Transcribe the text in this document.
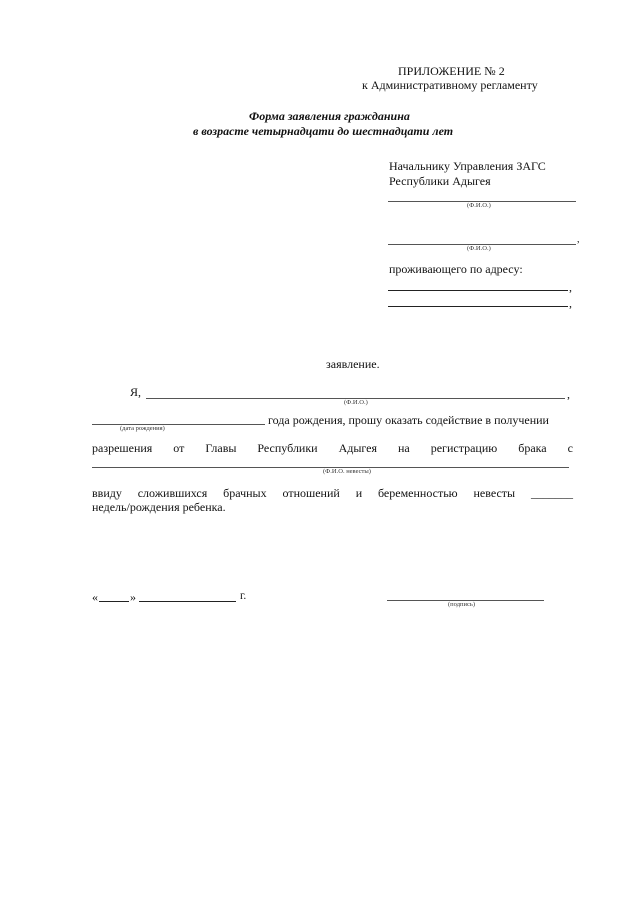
ПРИЛОЖЕНИЕ № 2
к Административному регламенту
Форма заявления гражданина
в возрасте четырнадцати до шестнадцати лет
Начальнику Управления ЗАГС
Республики Адыгея
(Ф.И.О.)
,
(Ф.И.О.)
проживающего по адресу:
,
,
заявление.
Я,	,
(Ф.И.О.)
года рождения, прошу оказать содействие в получении
(дата рождения)
разрешения от Главы Республики Адыгея на регистрацию брака с
(Ф.И.О. невесты)
ввиду сложившихся брачных отношений и беременностью невесты _______
недель/рождения ребенка.
«	»	г.
(подпись)
